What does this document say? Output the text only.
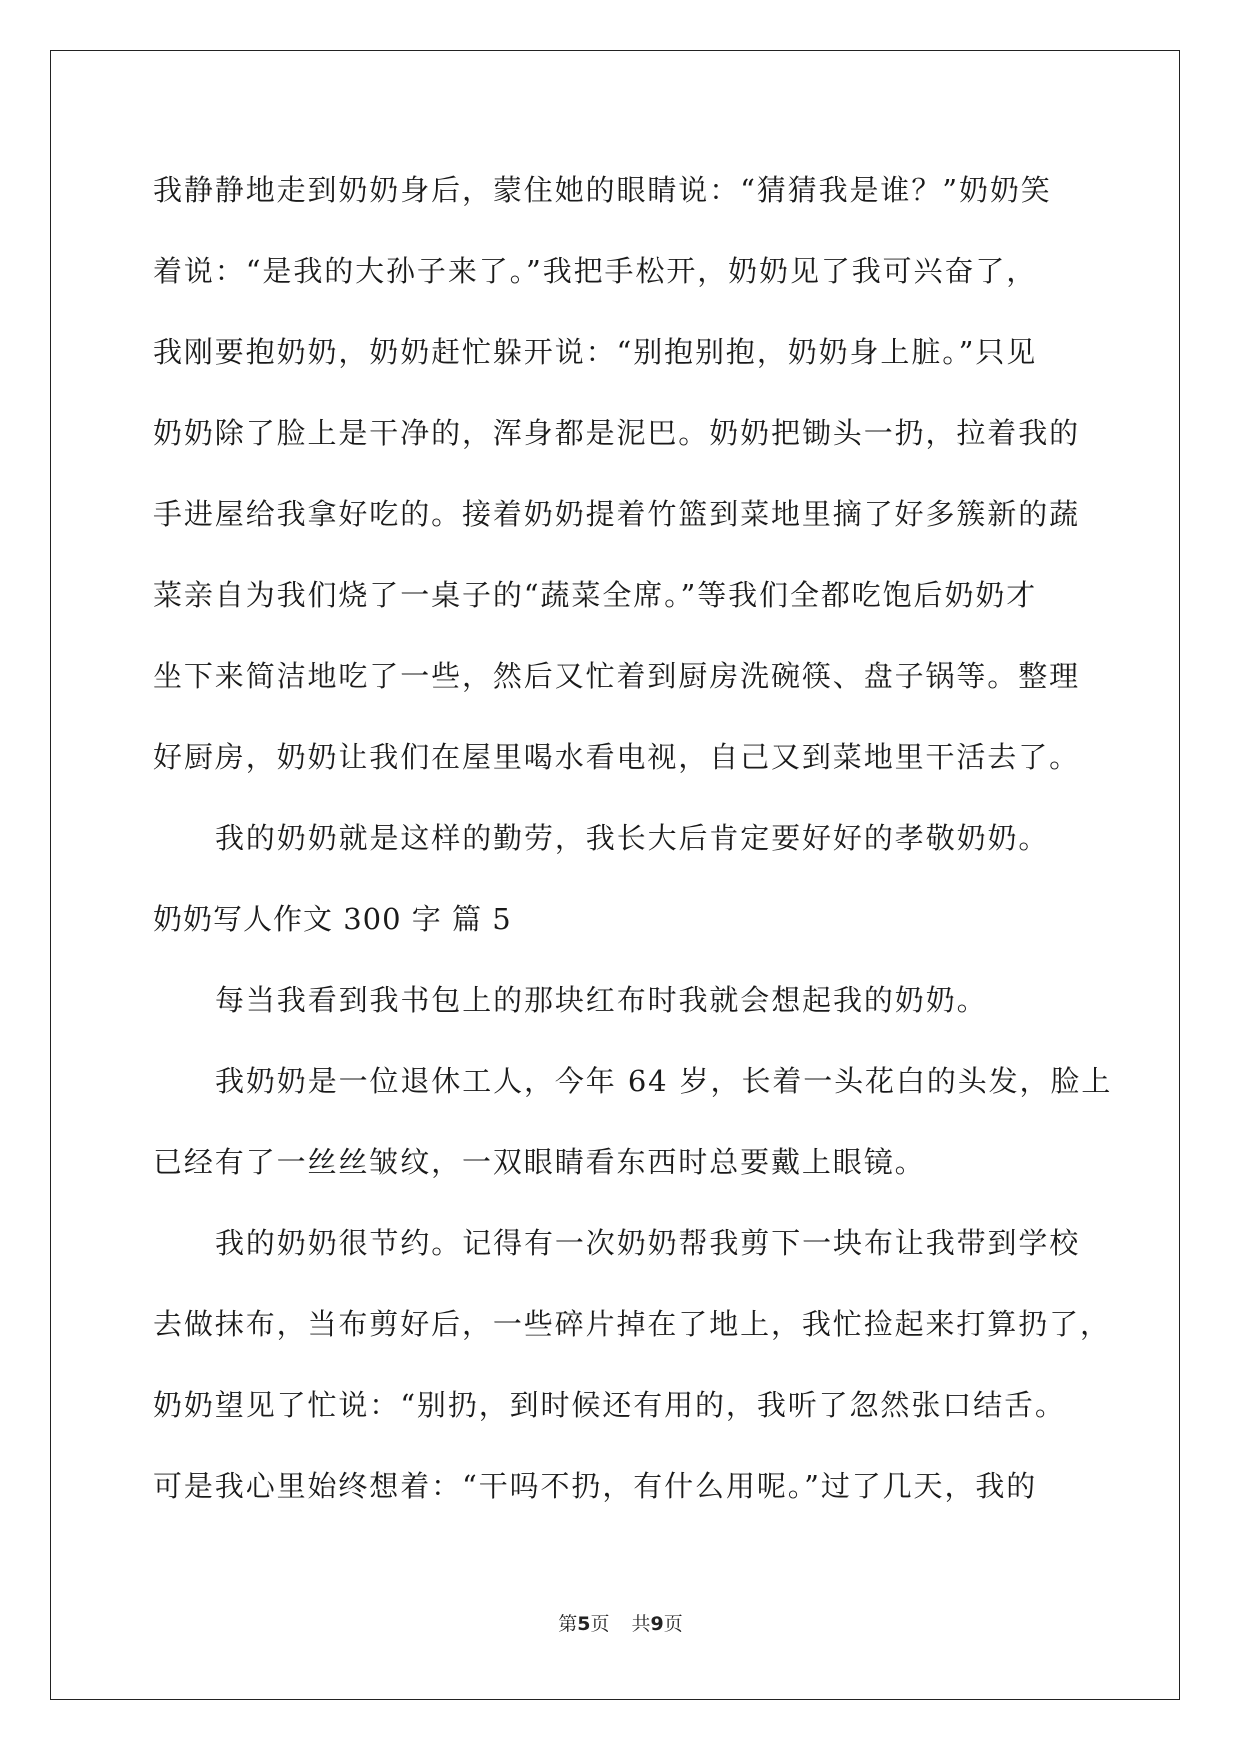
我静静地走到奶奶身后，蒙住她的眼睛说：“猜猜我是谁？”奶奶笑
着说：“是我的大孙子来了。”我把手松开，奶奶见了我可兴奋了，
我刚要抱奶奶，奶奶赶忙躲开说：“别抱别抱，奶奶身上脏。”只见
奶奶除了脸上是干净的，浑身都是泥巴。奶奶把锄头一扔，拉着我的
手进屋给我拿好吃的。接着奶奶提着竹篮到菜地里摘了好多簇新的蔬
菜亲自为我们烧了一桌子的“蔬菜全席。”等我们全都吃饱后奶奶才
坐下来简洁地吃了一些，然后又忙着到厨房洗碗筷、盘子锅等。整理
好厨房，奶奶让我们在屋里喝水看电视，自己又到菜地里干活去了。
我的奶奶就是这样的勤劳，我长大后肯定要好好的孝敬奶奶。
奶奶写人作文 300 字 篇 5
每当我看到我书包上的那块红布时我就会想起我的奶奶。
我奶奶是一位退休工人，今年 64 岁，长着一头花白的头发，脸上
已经有了一丝丝皱纹，一双眼睛看东西时总要戴上眼镜。
我的奶奶很节约。记得有一次奶奶帮我剪下一块布让我带到学校
去做抹布，当布剪好后，一些碎片掉在了地上，我忙捡起来打算扔了，
奶奶望见了忙说：“别扔，到时候还有用的，我听了忽然张口结舌。
可是我心里始终想着：“干吗不扔，有什么用呢。”过了几天，我的
第5页 共9页
